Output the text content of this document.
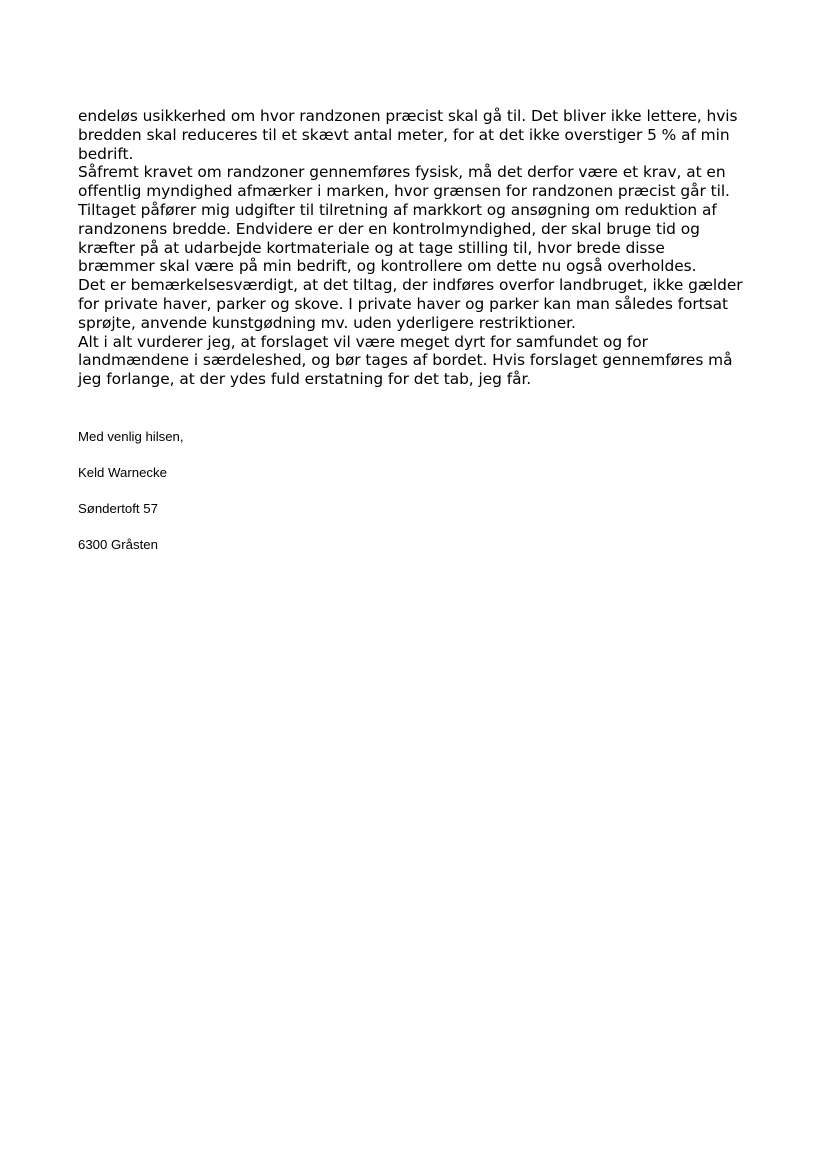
endeløs usikkerhed om hvor randzonen præcist skal gå til. Det bliver ikke lettere, hvis
bredden skal reduceres til et skævt antal meter, for at det ikke overstiger 5 % af min
bedrift.
Såfremt kravet om randzoner gennemføres fysisk, må det derfor være et krav, at en
offentlig myndighed afmærker i marken, hvor grænsen for randzonen præcist går til.
Tiltaget påfører mig udgifter til tilretning af markkort og ansøgning om reduktion af
randzonens bredde. Endvidere er der en kontrolmyndighed, der skal bruge tid og
kræfter på at udarbejde kortmateriale og at tage stilling til, hvor brede disse
bræmmer skal være på min bedrift, og kontrollere om dette nu også overholdes.
Det er bemærkelsesværdigt, at det tiltag, der indføres overfor landbruget, ikke gælder
for private haver, parker og skove. I private haver og parker kan man således fortsat
sprøjte, anvende kunstgødning mv. uden yderligere restriktioner.
Alt i alt vurderer jeg, at forslaget vil være meget dyrt for samfundet og for
landmændene i særdeleshed, og bør tages af bordet. Hvis forslaget gennemføres må
jeg forlange, at der ydes fuld erstatning for det tab, jeg får.
Med venlig hilsen,
Keld Warnecke
Søndertoft 57
6300 Gråsten
